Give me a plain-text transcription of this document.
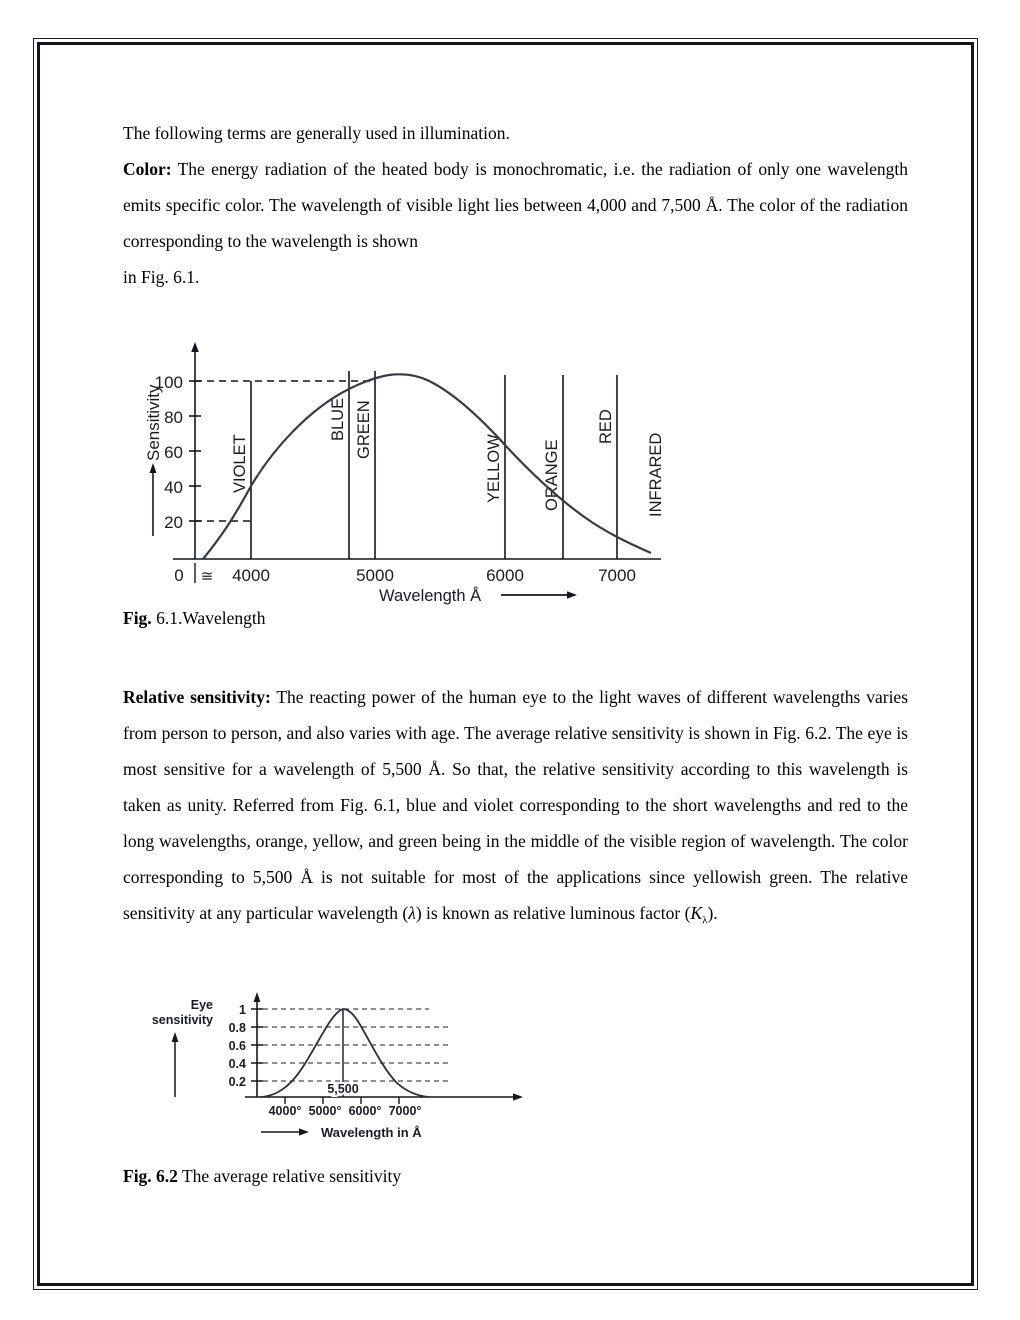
The following terms are generally used in illumination.

Color: The energy radiation of the heated body is monochromatic, i.e. the radiation of only one wavelength emits specific color. The wavelength of visible light lies between 4,000 and 7,500 Å. The color of the radiation corresponding to the wavelength is shown

in Fig. 6.1.

100
80
60
40
20
Sensitivity
VIOLET
BLUE GREEN
YELLOW ORANGE
RED
INFRARED
0 ≅ 4000	5000	6000	7000
Wavelength Å

Fig. 6.1.Wavelength

Relative sensitivity: The reacting power of the human eye to the light waves of different wavelengths varies from person to person, and also varies with age. The average relative sensitivity is shown in Fig. 6.2. The eye is most sensitive for a wavelength of 5,500 Å. So that, the relative sensitivity according to this wavelength is taken as unity. Referred from Fig. 6.1, blue and violet corresponding to the short wavelengths and red to the long wavelengths, orange, yellow, and green being in the middle of the visible region of wavelength. The color corresponding to 5,500 Å is not suitable for most of the applications since yellowish green. The relative sensitivity at any particular wavelength (λ) is known as relative luminous factor $(K_\lambda)$.

Eye
sensitivity
1
0.8
0.6
0.4
0.2	5,500
4000° 5000° 6000° 7000°
Wavelength in Å

Fig. 6.2 The average relative sensitivity
